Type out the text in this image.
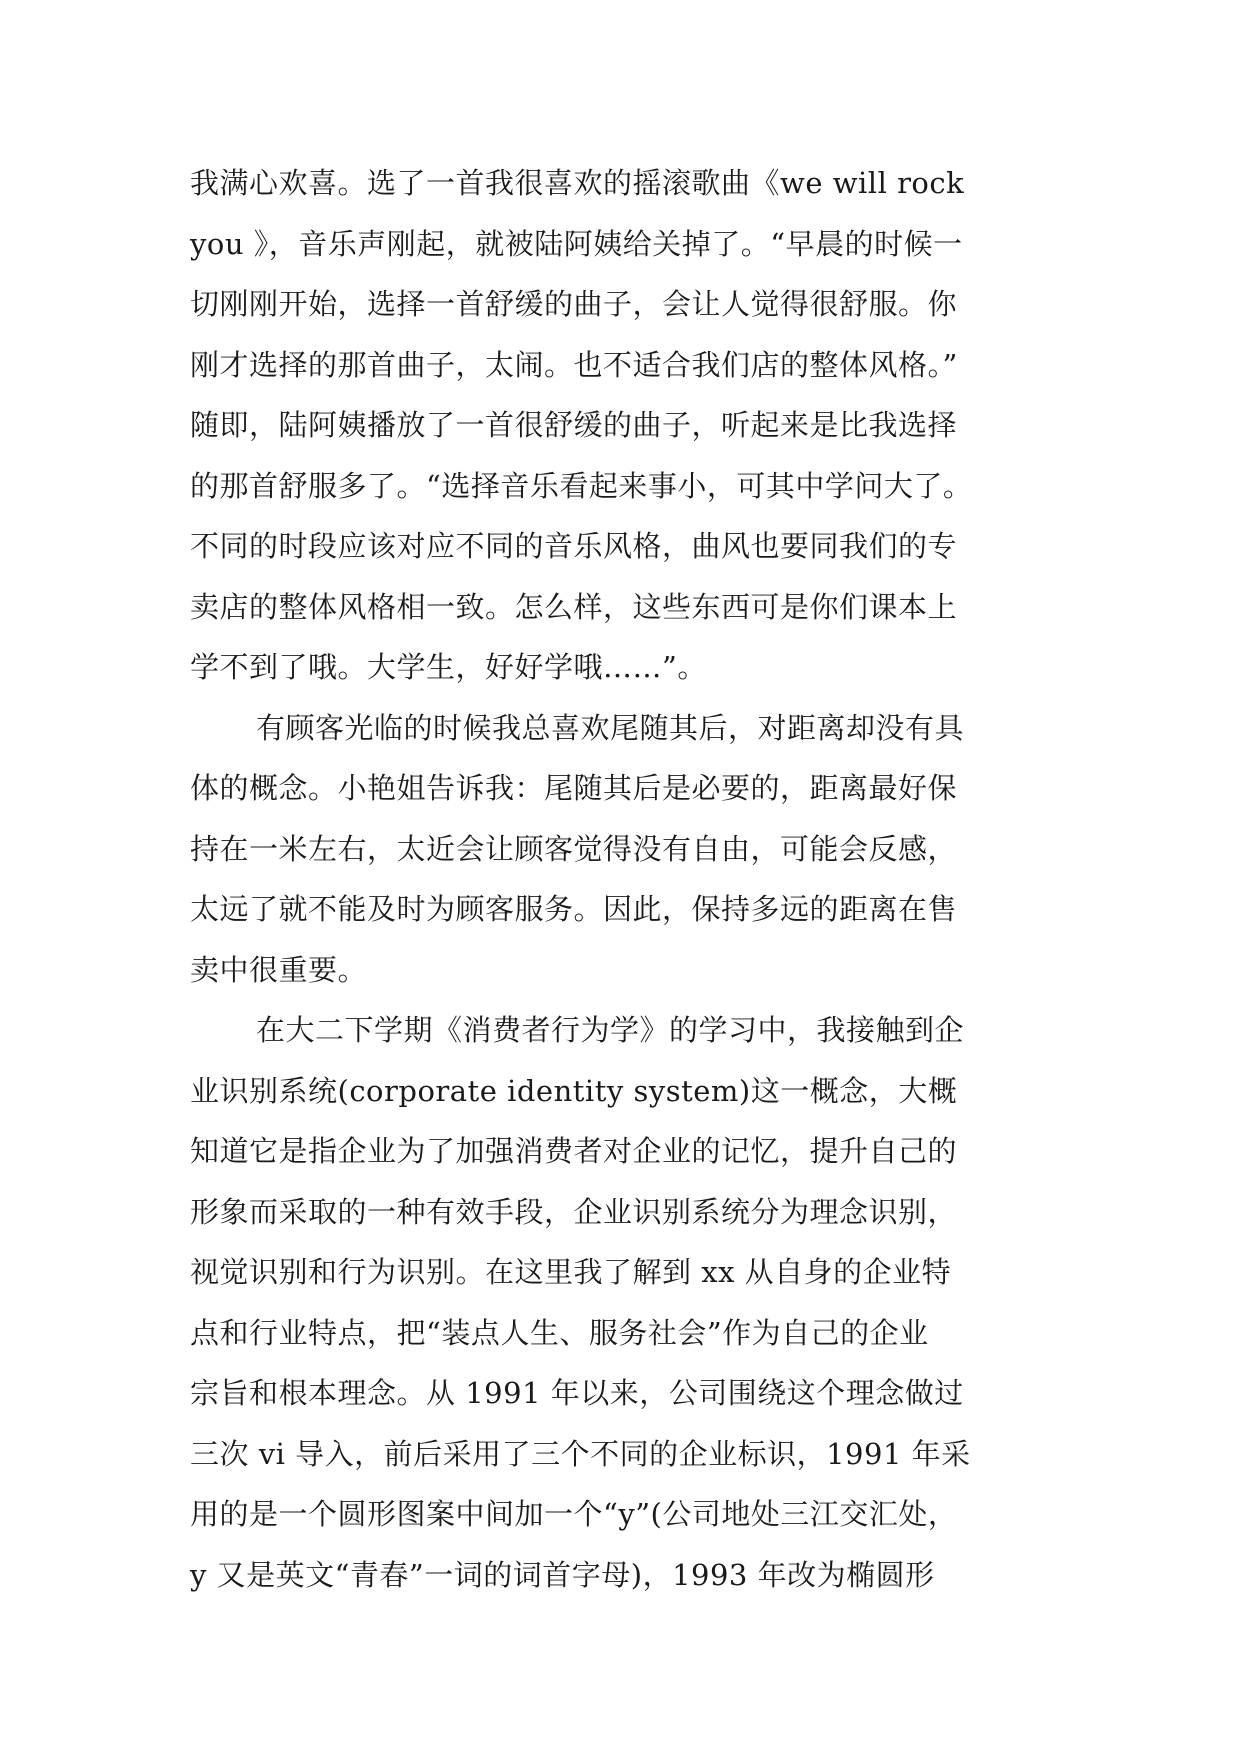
我满心欢喜。选了一首我很喜欢的摇滚歌曲《we will rock
you 》，音乐声刚起，就被陆阿姨给关掉了。“早晨的时候一
切刚刚开始，选择一首舒缓的曲子，会让人觉得很舒服。你
刚才选择的那首曲子，太闹。也不适合我们店的整体风格。”
随即，陆阿姨播放了一首很舒缓的曲子，听起来是比我选择
的那首舒服多了。“选择音乐看起来事小，可其中学问大了。
不同的时段应该对应不同的音乐风格，曲风也要同我们的专
卖店的整体风格相一致。怎么样，这些东西可是你们课本上
学不到了哦。大学生，好好学哦……”。
有顾客光临的时候我总喜欢尾随其后，对距离却没有具
体的概念。小艳姐告诉我：尾随其后是必要的，距离最好保
持在一米左右，太近会让顾客觉得没有自由，可能会反感，
太远了就不能及时为顾客服务。因此，保持多远的距离在售
卖中很重要。
在大二下学期《消费者行为学》的学习中，我接触到企
业识别系统(corporate identity system)这一概念，大概
知道它是指企业为了加强消费者对企业的记忆，提升自己的
形象而采取的一种有效手段，企业识别系统分为理念识别，
视觉识别和行为识别。在这里我了解到 xx 从自身的企业特
点和行业特点，把“装点人生、服务社会”作为自己的企业
宗旨和根本理念。从 1991 年以来，公司围绕这个理念做过
三次 vi 导入，前后采用了三个不同的企业标识，1991 年采
用的是一个圆形图案中间加一个“y”(公司地处三江交汇处，
y 又是英文“青春”一词的词首字母)，1993 年改为椭圆形
